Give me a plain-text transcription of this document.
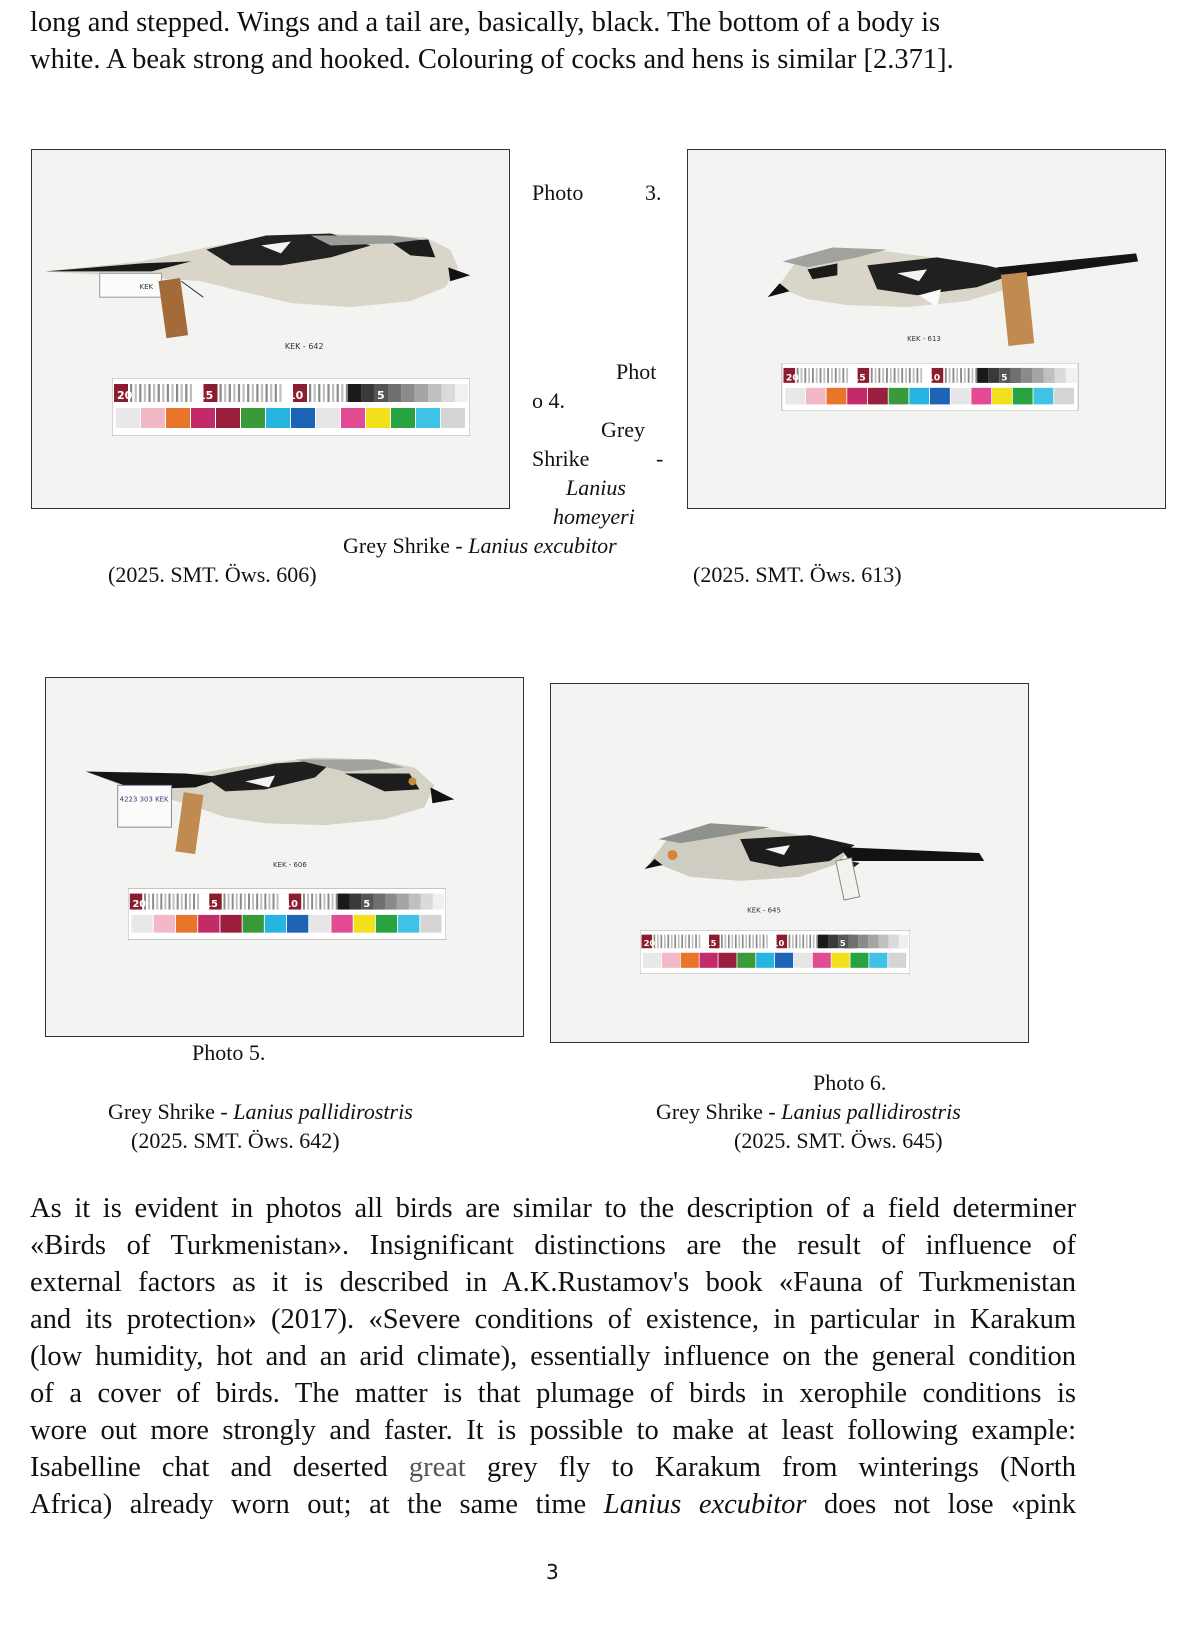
long and stepped. Wings and a tail are, basically, black. The bottom of a body is
white. A beak strong and hooked. Colouring of cocks and hens is similar [2.371].
KEK
KEK - 642
KEK - 613
4223 303 KEK
KEK - 606
KEK - 645
20	15	10	5
20	15	10	5
20	15	10	5
20	15	10	5
Photo	3.
Phot
o 4.
Grey
Shrike	-
Lanius
homeyeri
Grey Shrike - Lanius excubitor
(2025. SMT. Öws. 606)	(2025. SMT. Öws. 613)
Photo 5.
Grey Shrike - Lanius pallidirostris
(2025. SMT. Öws. 642)
Photo 6.
Grey Shrike - Lanius pallidirostris
(2025. SMT. Öws. 645)
As it is evident in photos all birds are similar to the description of a field determiner
«Birds of Turkmenistan». Insignificant distinctions are the result of influence of
external factors as it is described in A.K.Rustamov's book «Fauna of Turkmenistan
and its protection» (2017). «Severe conditions of existence, in particular in Karakum
(low humidity, hot and an arid climate), essentially influence on the general condition
of a cover of birds. The matter is that plumage of birds in xerophile conditions is
wore out more strongly and faster. It is possible to make at least following example:
Isabelline chat and deserted great grey fly to Karakum from winterings (North
Africa) already worn out; at the same time Lanius excubitor does not lose «pink
3
